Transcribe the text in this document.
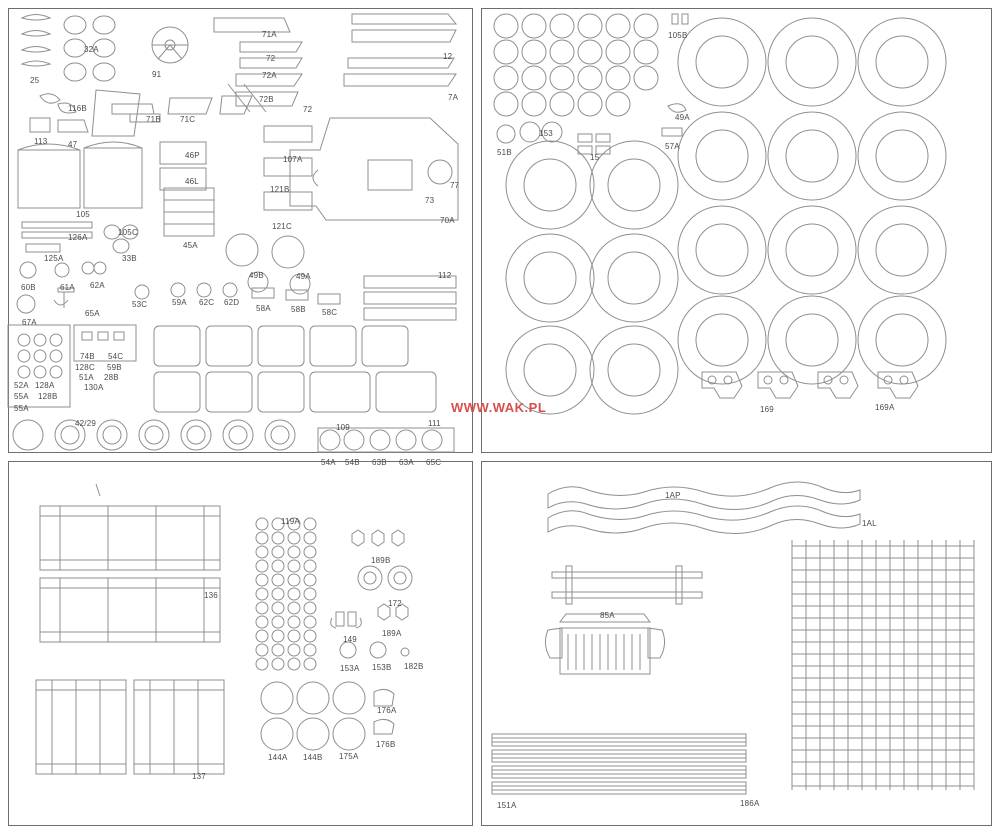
WWW.WAK.PL
25
32A
91
71A
72
72A
72B
72
12
7A
116B
113	47
71B 71C
46P
46L
107A
121B
121C
77
73
70A
105
126A
105C
33B
45A
125A
60B	61A 62A
67A
65A
49B	49A	112
53C	59A 62C 62D
58A	58B 58C
74B 54C
128C 59B
51A 28B
130A
52A 128A
55A 128B
55A
42/29	109	111
54A 54B 63B 63A 65C
105B
49A
57A
153
51B
15
169	169A
119A
189B
136
172
149
189A
153A 153B 182B
176A
176B
144A 144B 175A
137
1AP
1AL
85A
151A	186A
